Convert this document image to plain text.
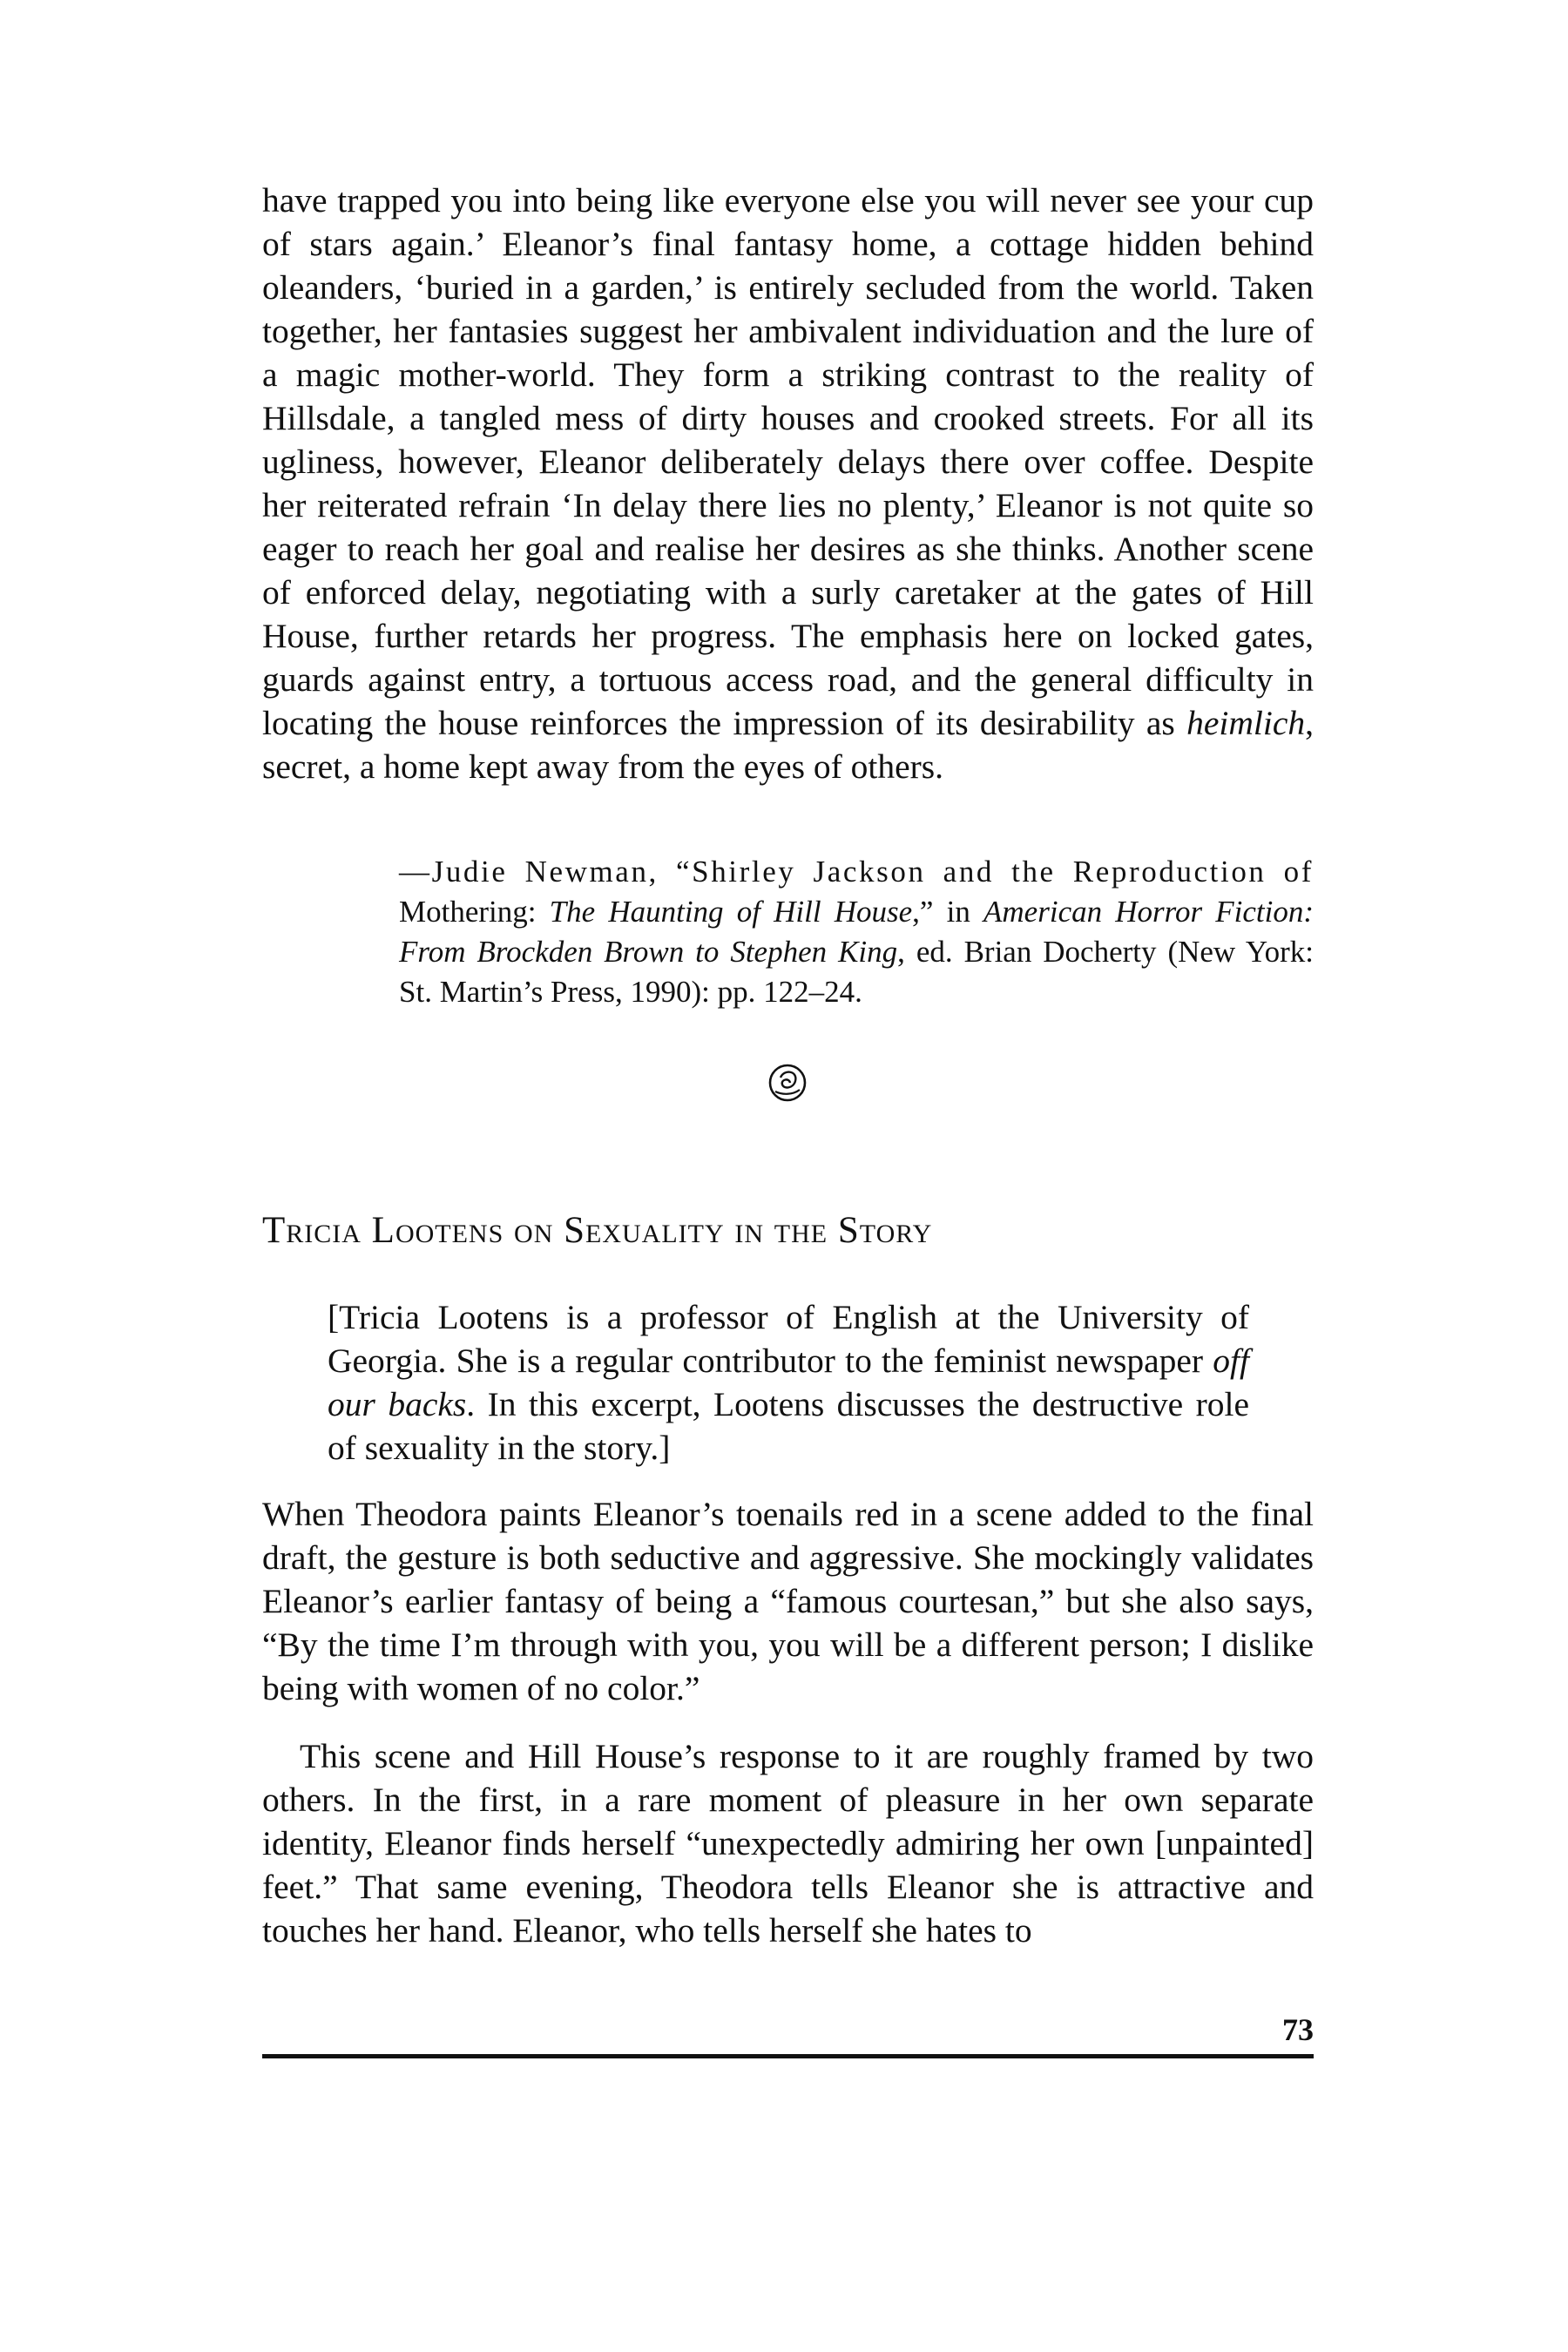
have trapped you into being like everyone else you will never see your cup of stars again.’ Eleanor’s final fantasy home, a cottage hidden behind oleanders, ‘buried in a garden,’ is entirely secluded from the world. Taken together, her fantasies suggest her ambivalent individuation and the lure of a magic mother-world. They form a striking contrast to the reality of Hillsdale, a tangled mess of dirty houses and crooked streets. For all its ugliness, however, Eleanor deliberately delays there over coffee. Despite her reiterated refrain ‘In delay there lies no plenty,’ Eleanor is not quite so eager to reach her goal and realise her desires as she thinks. Another scene of enforced delay, negotiating with a surly caretaker at the gates of Hill House, further retards her progress. The emphasis here on locked gates, guards against entry, a tortuous access road, and the general difficulty in locating the house reinforces the impression of its desirability as heimlich, secret, a home kept away from the eyes of others.

—Judie Newman, “Shirley Jackson and the Reproduction of
Mothering: The Haunting of Hill House,” in American Horror Fiction: From Brockden Brown to Stephen King, ed. Brian Docherty (New York: St. Martin’s Press, 1990): pp. 122–24.
Tricia Lootens on Sexuality in the Story
[Tricia Lootens is a professor of English at the University of Georgia. She is a regular contributor to the feminist newspaper off our backs. In this excerpt, Lootens discusses the destructive role of sexuality in the story.]

When Theodora paints Eleanor’s toenails red in a scene added to the final draft, the gesture is both seductive and aggressive. She mockingly validates Eleanor’s earlier fantasy of being a “famous courtesan,” but she also says, “By the time I’m through with you, you will be a different person; I dislike being with women of no color.”

This scene and Hill House’s response to it are roughly framed by two others. In the first, in a rare moment of pleasure in her own separate identity, Eleanor finds herself “unexpectedly admiring her own [unpainted] feet.” That same evening, Theodora tells Eleanor she is attractive and touches her hand. Eleanor, who tells herself she hates to

73
